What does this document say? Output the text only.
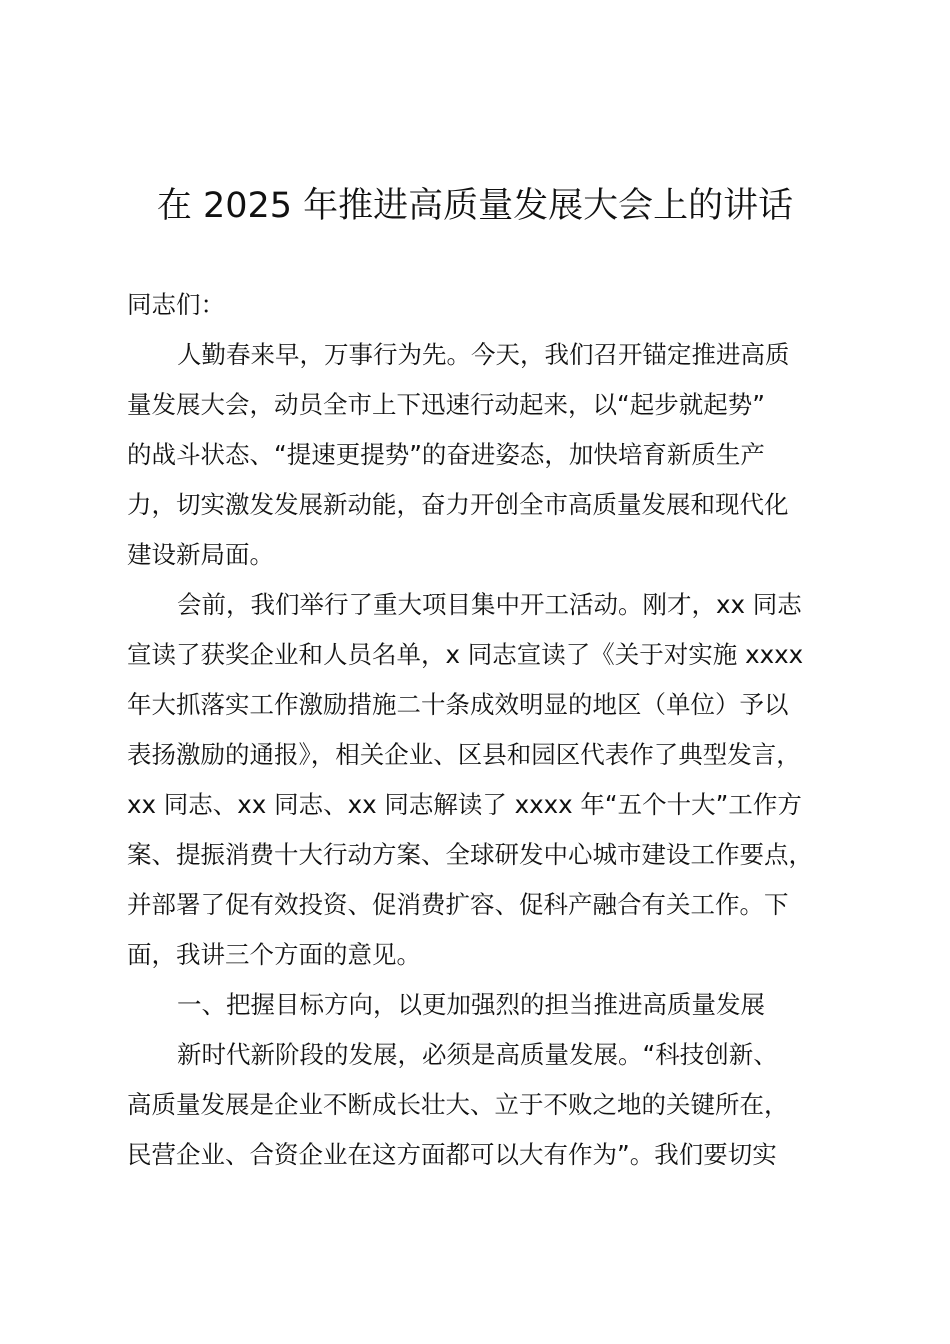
在 2025 年推进高质量发展大会上的讲话
同志们：
人勤春来早，万事行为先。今天，我们召开锚定推进高质
量发展大会，动员全市上下迅速行动起来，以“起步就起势”
的战斗状态、“提速更提势”的奋进姿态，加快培育新质生产
力，切实激发发展新动能，奋力开创全市高质量发展和现代化
建设新局面。
会前，我们举行了重大项目集中开工活动。刚才，xx 同志
宣读了获奖企业和人员名单，x 同志宣读了《关于对实施 xxxx
年大抓落实工作激励措施二十条成效明显的地区（单位）予以
表扬激励的通报》，相关企业、区县和园区代表作了典型发言，
xx 同志、xx 同志、xx 同志解读了 xxxx 年“五个十大”工作方
案、提振消费十大行动方案、全球研发中心城市建设工作要点，
并部署了促有效投资、促消费扩容、促科产融合有关工作。下
面，我讲三个方面的意见。
一、把握目标方向，以更加强烈的担当推进高质量发展
新时代新阶段的发展，必须是高质量发展。“科技创新、
高质量发展是企业不断成长壮大、立于不败之地的关键所在，
民营企业、合资企业在这方面都可以大有作为”。我们要切实
